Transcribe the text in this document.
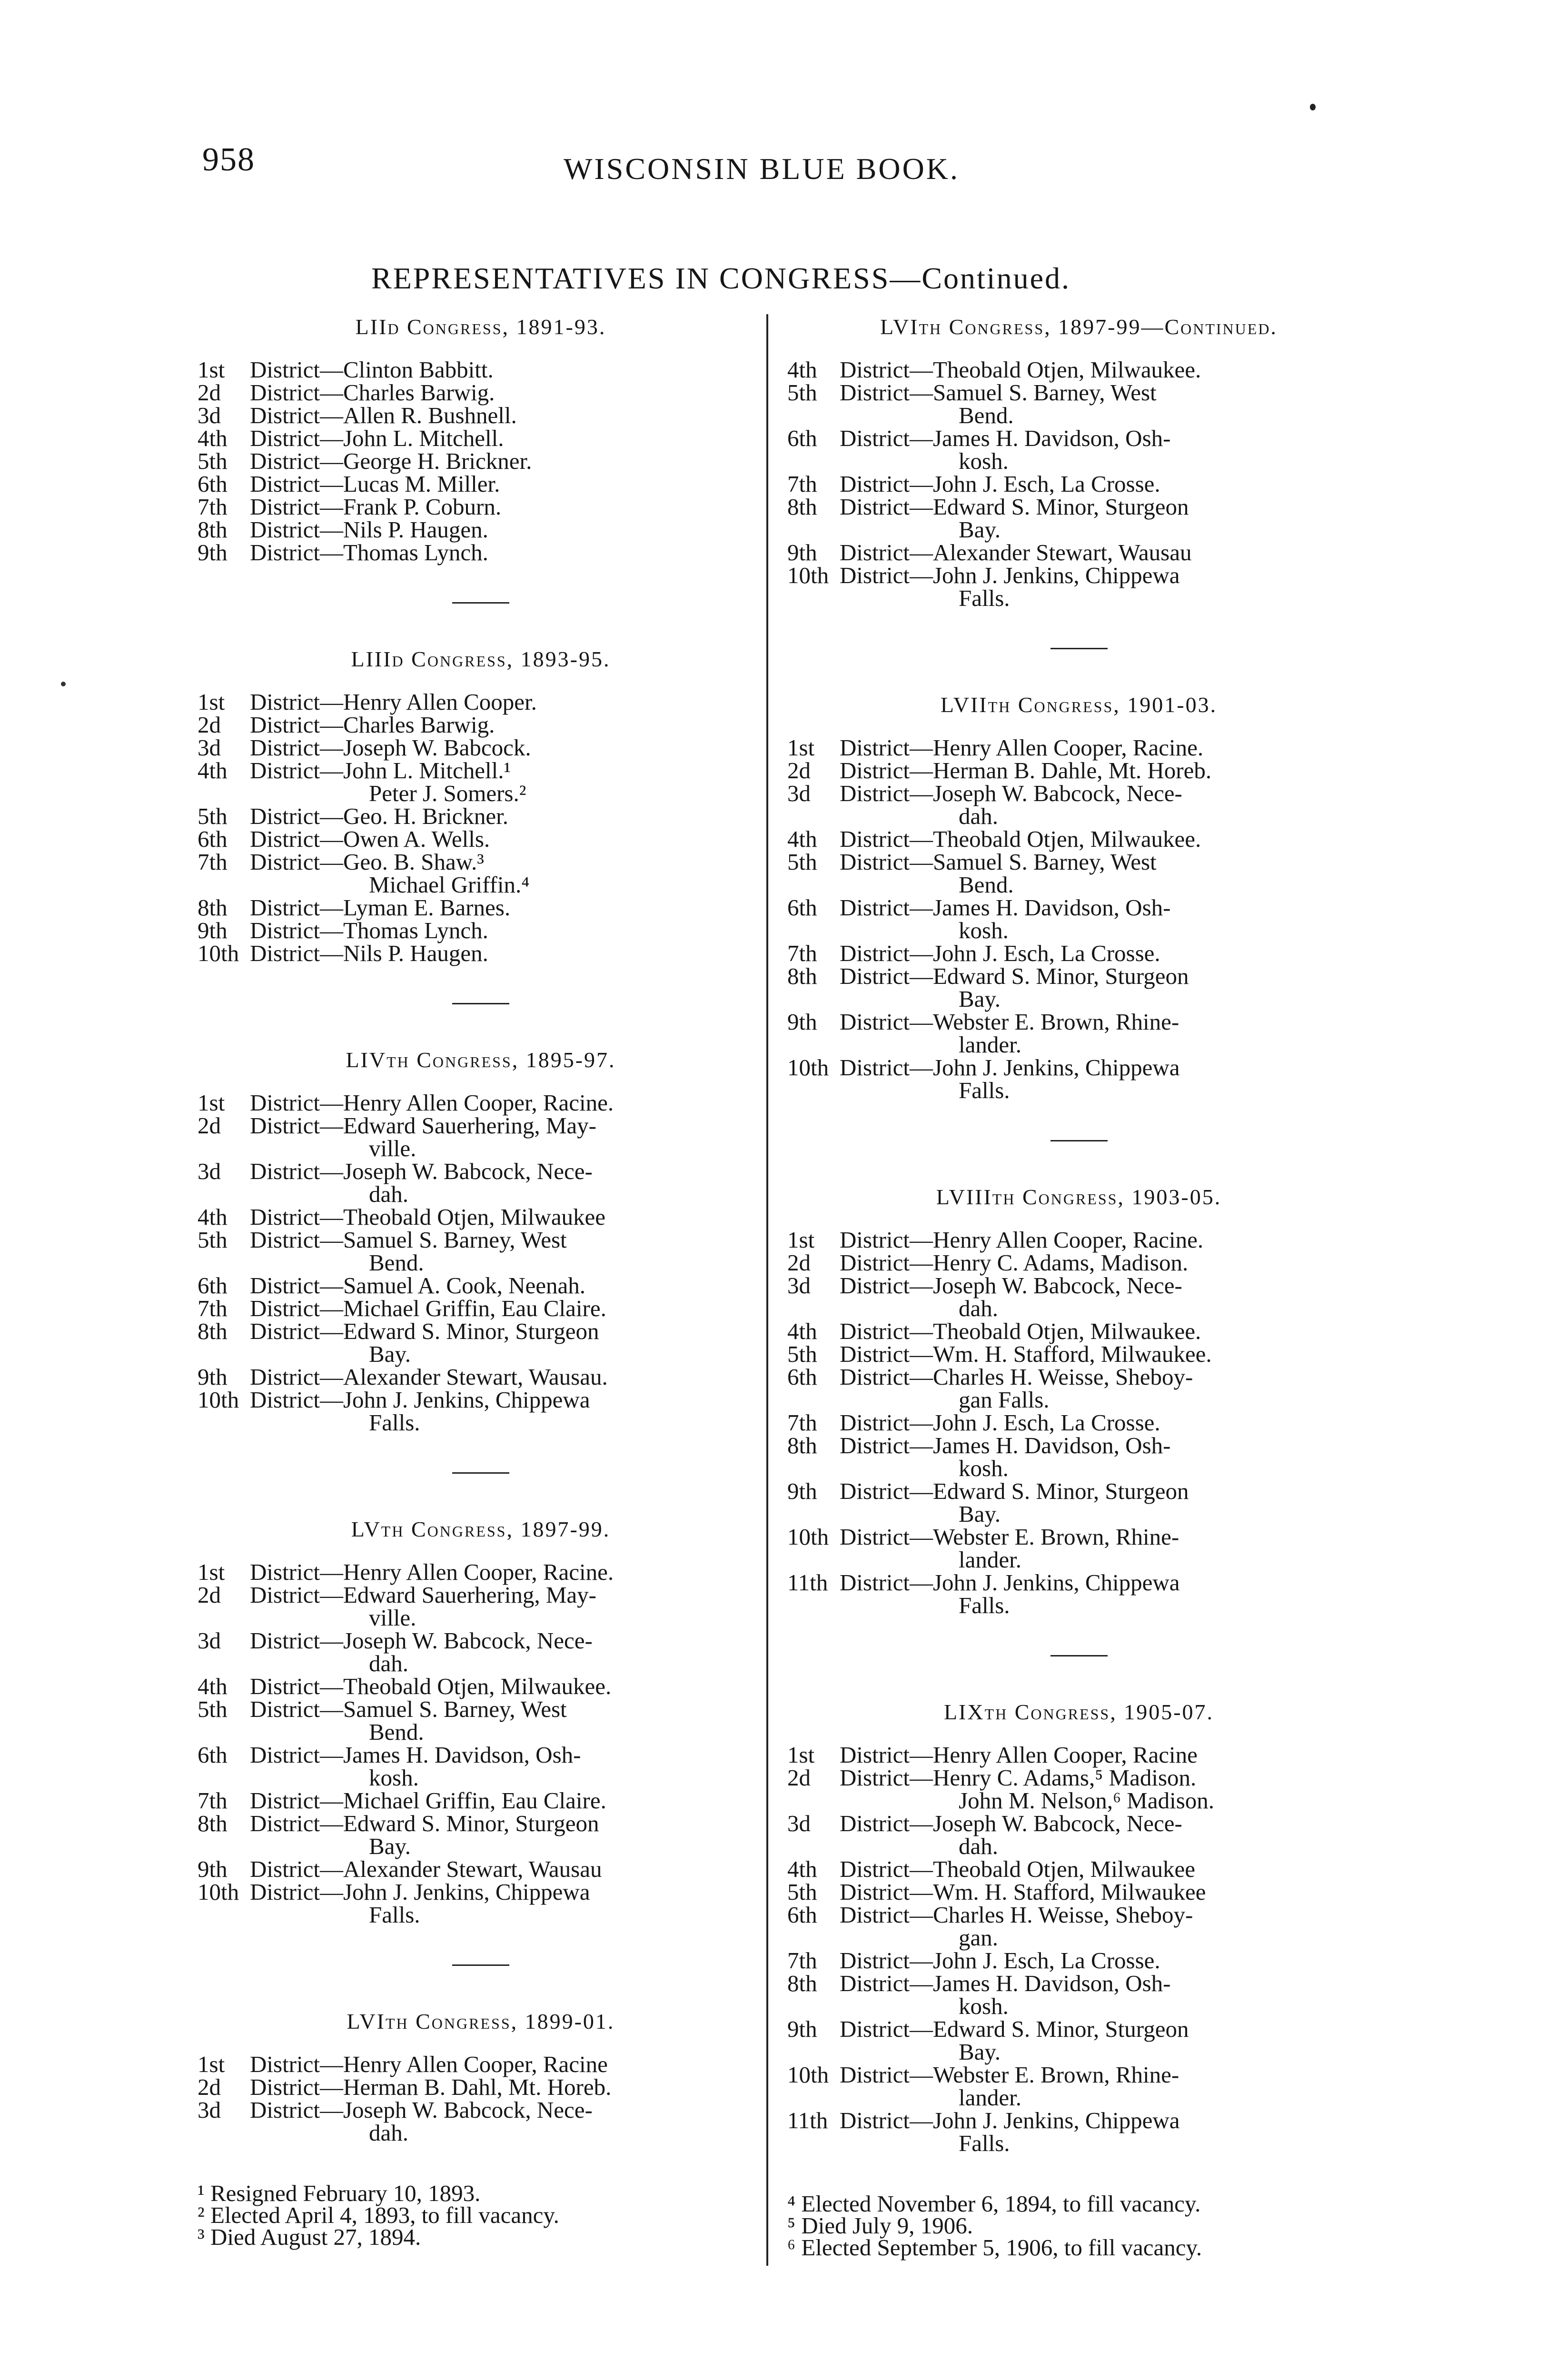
958	WISCONSIN BLUE BOOK.
REPRESENTATIVES IN CONGRESS—Continued.
LIId Congress, 1891-93.
1st District—Clinton Babbitt.
2d District—Charles Barwig.
3d District—Allen R. Bushnell.
4th District—John L. Mitchell.
5th District—George H. Brickner.
6th District—Lucas M. Miller.
7th District—Frank P. Coburn.
8th District—Nils P. Haugen.
9th District—Thomas Lynch.
LIIId Congress, 1893-95.
1st District—Henry Allen Cooper.
2d District—Charles Barwig.
3d District—Joseph W. Babcock.
4th District—John L. Mitchell.¹
Peter J. Somers.²
5th District—Geo. H. Brickner.
6th District—Owen A. Wells.
7th District—Geo. B. Shaw.³
Michael Griffin.⁴
8th District—Lyman E. Barnes.
9th District—Thomas Lynch.
10th District—Nils P. Haugen.
LIVth Congress, 1895-97.
1st District—Henry Allen Cooper, Racine.
2d District—Edward Sauerhering, May-
ville.
3d District—Joseph W. Babcock, Nece-
dah.
4th District—Theobald Otjen, Milwaukee
5th District—Samuel S. Barney, West
Bend.
6th District—Samuel A. Cook, Neenah.
7th District—Michael Griffin, Eau Claire.
8th District—Edward S. Minor, Sturgeon
Bay.
9th District—Alexander Stewart, Wausau.
10th District—John J. Jenkins, Chippewa
Falls.
LVth Congress, 1897-99.
1st District—Henry Allen Cooper, Racine.
2d District—Edward Sauerhering, May-
ville.
3d District—Joseph W. Babcock, Nece-
dah.
4th District—Theobald Otjen, Milwaukee.
5th District—Samuel S. Barney, West
Bend.
6th District—James H. Davidson, Osh-
kosh.
7th District—Michael Griffin, Eau Claire.
8th District—Edward S. Minor, Sturgeon
Bay.
9th District—Alexander Stewart, Wausau
10th District—John J. Jenkins, Chippewa
Falls.
LVIth Congress, 1899-01.
1st District—Henry Allen Cooper, Racine
2d District—Herman B. Dahl, Mt. Horeb.
3d District—Joseph W. Babcock, Nece-
dah.
¹ Resigned February 10, 1893.
² Elected April 4, 1893, to fill vacancy.
³ Died August 27, 1894.
LVIth Congress, 1897-99—Continued.
4th District—Theobald Otjen, Milwaukee.
5th District—Samuel S. Barney, West
Bend.
6th District—James H. Davidson, Osh-
kosh.
7th District—John J. Esch, La Crosse.
8th District—Edward S. Minor, Sturgeon
Bay.
9th District—Alexander Stewart, Wausau
10th District—John J. Jenkins, Chippewa
Falls.
LVIIth Congress, 1901-03.
1st District—Henry Allen Cooper, Racine.
2d District—Herman B. Dahle, Mt. Horeb.
3d District—Joseph W. Babcock, Nece-
dah.
4th District—Theobald Otjen, Milwaukee.
5th District—Samuel S. Barney, West
Bend.
6th District—James H. Davidson, Osh-
kosh.
7th District—John J. Esch, La Crosse.
8th District—Edward S. Minor, Sturgeon
Bay.
9th District—Webster E. Brown, Rhine-
lander.
10th District—John J. Jenkins, Chippewa
Falls.
LVIIIth Congress, 1903-05.
1st District—Henry Allen Cooper, Racine.
2d District—Henry C. Adams, Madison.
3d District—Joseph W. Babcock, Nece-
dah.
4th District—Theobald Otjen, Milwaukee.
5th District—Wm. H. Stafford, Milwaukee.
6th District—Charles H. Weisse, Sheboy-
gan Falls.
7th District—John J. Esch, La Crosse.
8th District—James H. Davidson, Osh-
kosh.
9th District—Edward S. Minor, Sturgeon
Bay.
10th District—Webster E. Brown, Rhine-
lander.
11th District—John J. Jenkins, Chippewa
Falls.
LIXth Congress, 1905-07.
1st District—Henry Allen Cooper, Racine
2d District—Henry C. Adams,⁵ Madison.
John M. Nelson,⁶ Madison.
3d District—Joseph W. Babcock, Nece-
dah.
4th District—Theobald Otjen, Milwaukee
5th District—Wm. H. Stafford, Milwaukee
6th District—Charles H. Weisse, Sheboy-
gan.
7th District—John J. Esch, La Crosse.
8th District—James H. Davidson, Osh-
kosh.
9th District—Edward S. Minor, Sturgeon
Bay.
10th District—Webster E. Brown, Rhine-
lander.
11th District—John J. Jenkins, Chippewa
Falls.
⁴ Elected November 6, 1894, to fill vacancy.
⁵ Died July 9, 1906.
⁶ Elected September 5, 1906, to fill vacancy.
